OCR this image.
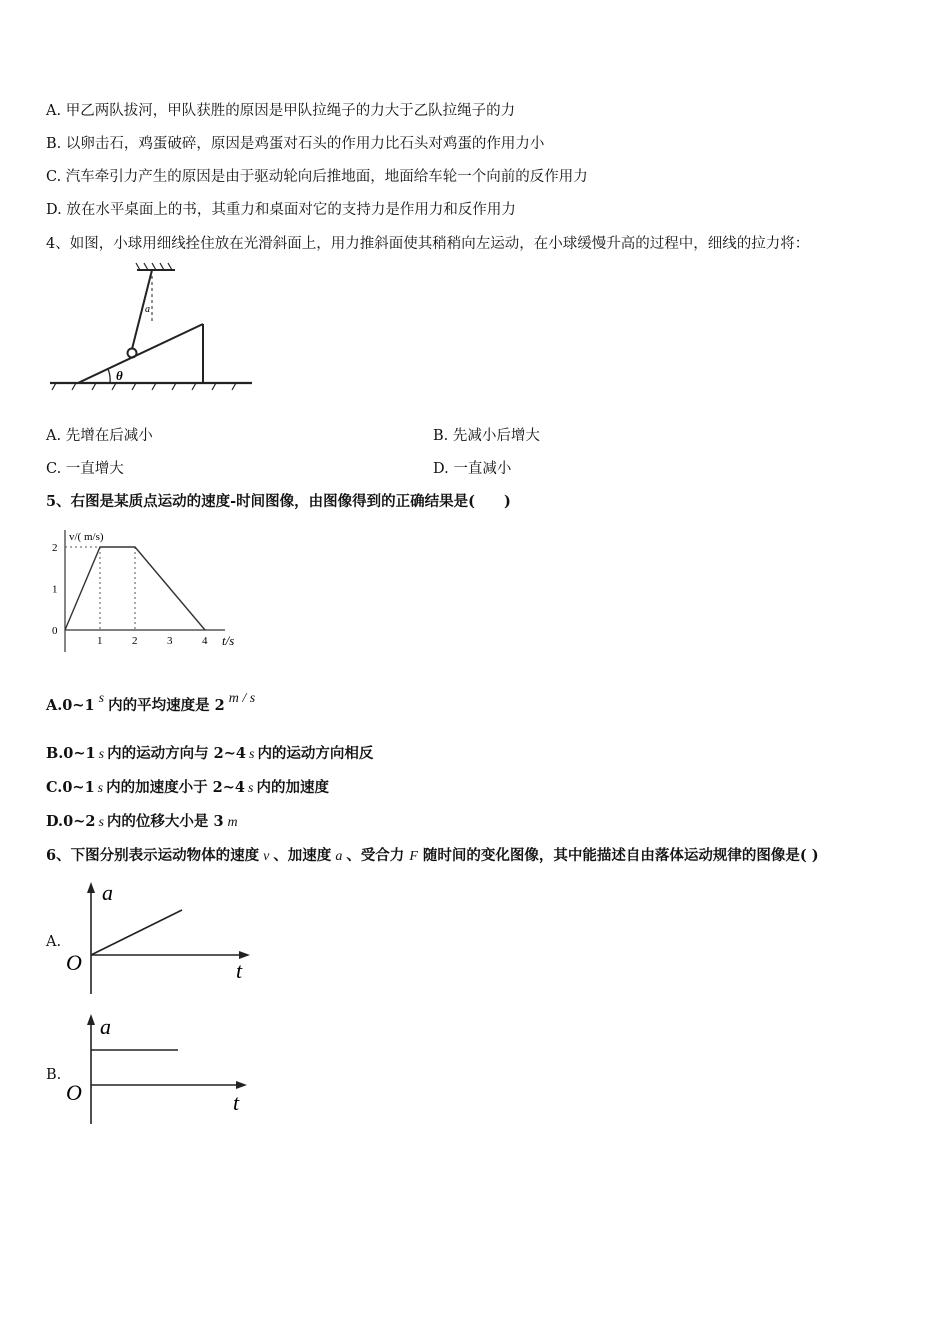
A. 甲乙两队拔河，甲队获胜的原因是甲队拉绳子的力大于乙队拉绳子的力
B. 以卵击石，鸡蛋破碎，原因是鸡蛋对石头的作用力比石头对鸡蛋的作用力小
C. 汽车牵引力产生的原因是由于驱动轮向后推地面，地面给车轮一个向前的反作用力
D. 放在水平桌面上的书，其重力和桌面对它的支持力是作用力和反作用力
4、如图，小球用细线拴住放在光滑斜面上，用力推斜面使其稍稍向左运动，在小球缓慢升高的过程中，细线的拉力将：
a
θ
A. 先增在后减小	B. 先减小后增大
C. 一直增大	D. 一直减小
5、右图是某质点运动的速度-时间图像，由图像得到的正确结果是(　　)
v/( m/s)
t/s
1	2	3	4
0
1
2
A.0~1 s 内的平均速度是 2 m / s
B.0~1 s 内的运动方向与 2~4 s 内的运动方向相反
C.0~1 s 内的加速度小于 2~4 s 内的加速度
D.0~2 s 内的位移大小是 3 m
6、下图分别表示运动物体的速度 v 、加速度 a 、受合力 F 随时间的变化图像，其中能描述自由落体运动规律的图像是( )
A.
a
O	t
B.
a
O	t
